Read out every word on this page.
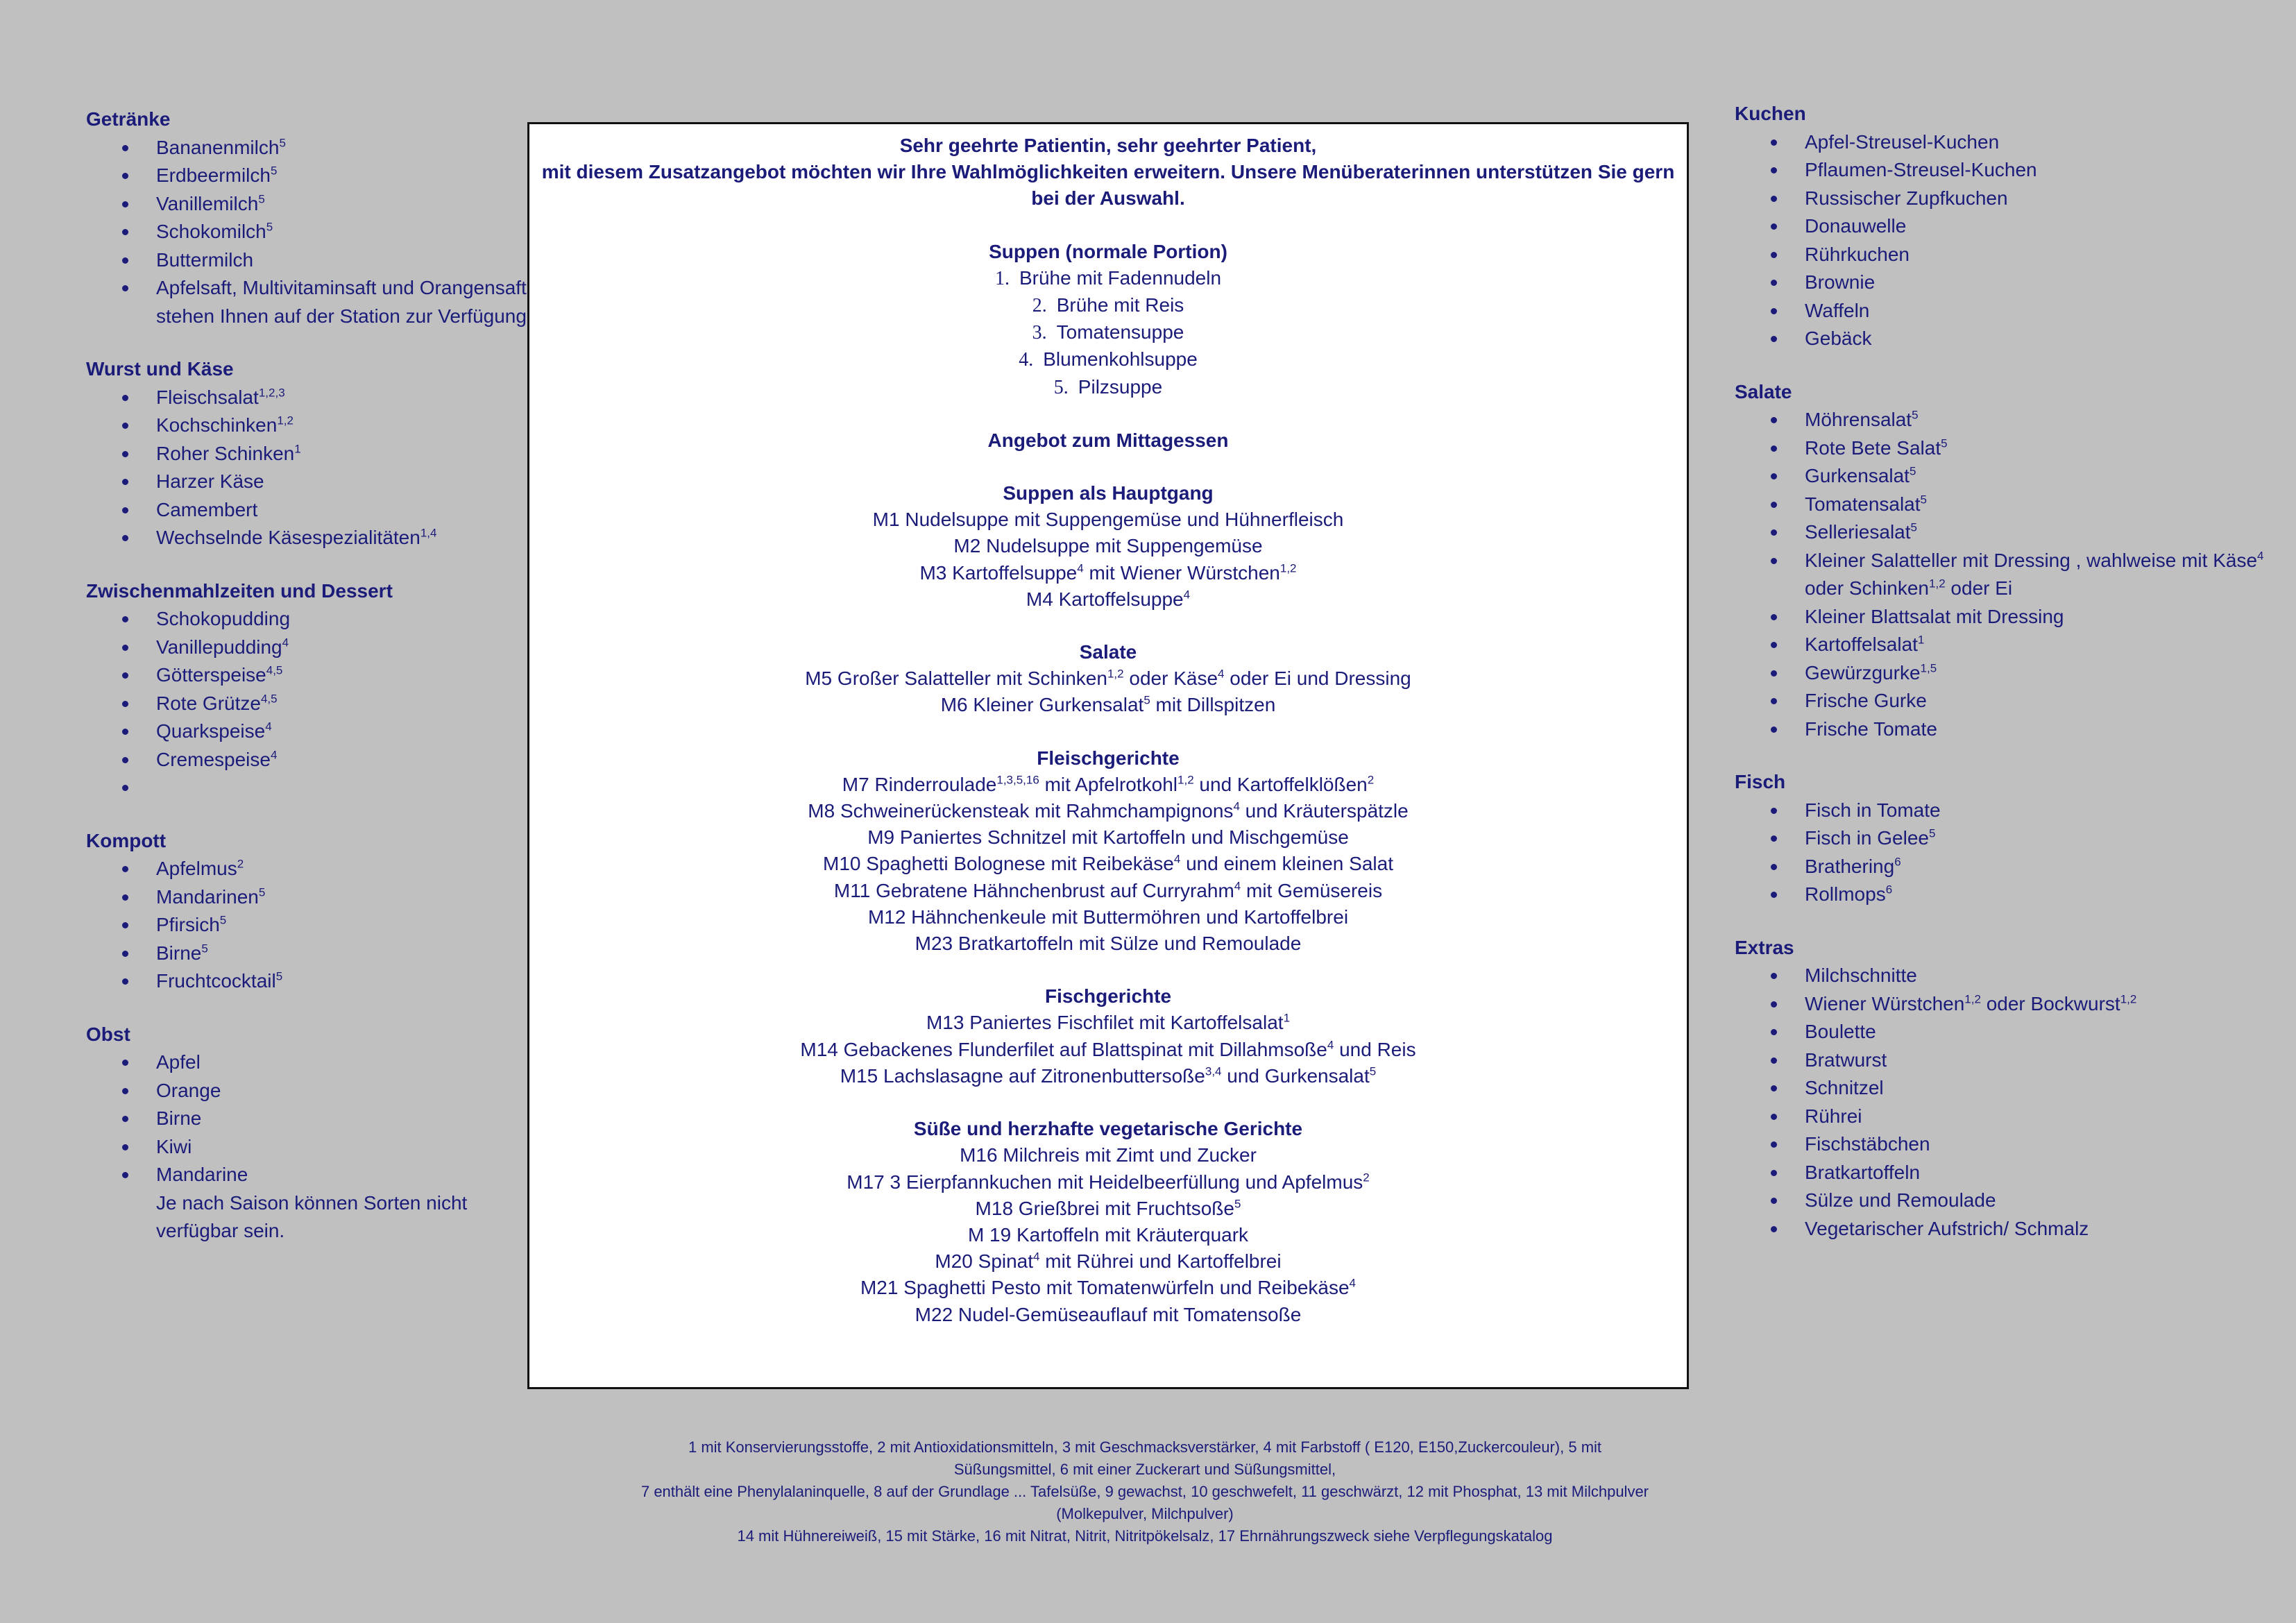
Getränke
Bananenmilch$^5$
Erdbeermilch$^5$
Vanillemilch$^5$
Schokomilch$^5$
Buttermilch
Apfelsaft, Multivitaminsaft und Orangensaft stehen Ihnen auf der Station zur Verfügung
Wurst und Käse
Fleischsalat$^{1,2,3}$
Kochschinken$^{1,2}$
Roher Schinken$^1$
Harzer Käse
Camembert
Wechselnde Käsespezialitäten$^{1,4}$
Zwischenmahlzeiten und Dessert
Schokopudding
Vanillepudding$^4$
Götterspeise$^{4,5}$
Rote Grütze$^{4,5}$
Quarkspeise$^4$
Cremespeise$^4$

Kompott
Apfelmus$^2$
Mandarinen$^5$
Pfirsich$^5$
Birne$^5$
Fruchtcocktail$^5$
Obst
Apfel
Orange
Birne
Kiwi
Mandarine
Je nach Saison können Sorten nicht verfügbar sein.
Kuchen
Apfel-Streusel-Kuchen
Pflaumen-Streusel-Kuchen
Russischer Zupfkuchen
Donauwelle
Rührkuchen
Brownie
Waffeln
Gebäck
Salate
Möhrensalat$^5$
Rote Bete Salat$^5$
Gurkensalat$^5$
Tomatensalat$^5$
Selleriesalat$^5$
Kleiner Salatteller mit Dressing , wahlweise mit Käse$^4$ oder Schinken$^{1,2}$ oder Ei
Kleiner Blattsalat mit Dressing
Kartoffelsalat$^1$
Gewürzgurke$^{1,5}$
Frische Gurke
Frische Tomate
Fisch
Fisch in Tomate
Fisch in Gelee$^5$
Brathering$^6$
Rollmops$^6$
Extras
Milchschnitte
Wiener Würstchen$^{1,2}$ oder Bockwurst$^{1,2}$
Boulette
Bratwurst
Schnitzel
Rührei
Fischstäbchen
Bratkartoffeln
Sülze und Remoulade
Vegetarischer Aufstrich/ Schmalz
Sehr geehrte Patientin, sehr geehrter Patient,
mit diesem Zusatzangebot möchten wir Ihre Wahlmöglichkeiten erweitern. Unsere Menüberaterinnen unterstützen Sie gern
bei der Auswahl.
Suppen (normale Portion)
1. Brühe mit Fadennudeln
2. Brühe mit Reis
3. Tomatensuppe
4. Blumenkohlsuppe
5. Pilzsuppe
Angebot zum Mittagessen
Suppen als Hauptgang
M1 Nudelsuppe mit Suppengemüse und Hühnerfleisch
M2 Nudelsuppe mit Suppengemüse
M3 Kartoffelsuppe$^4$ mit Wiener Würstchen$^{1,2}$
M4 Kartoffelsuppe$^4$
Salate
M5 Großer Salatteller mit Schinken$^{1,2}$ oder Käse$^4$ oder Ei und Dressing
M6 Kleiner Gurkensalat$^5$ mit Dillspitzen
Fleischgerichte
M7 Rinderroulade$^{1,3,5,16}$ mit Apfelrotkohl$^{1,2}$ und Kartoffelklößen$^2$
M8 Schweinerückensteak mit Rahmchampignons$^4$ und Kräuterspätzle
M9 Paniertes Schnitzel mit Kartoffeln und Mischgemüse
M10 Spaghetti Bolognese mit Reibekäse$^4$ und einem kleinen Salat
M11 Gebratene Hähnchenbrust auf Curryrahm$^4$ mit Gemüsereis
M12 Hähnchenkeule mit Buttermöhren und Kartoffelbrei
M23 Bratkartoffeln mit Sülze und Remoulade
Fischgerichte
M13 Paniertes Fischfilet mit Kartoffelsalat$^1$
M14 Gebackenes Flunderfilet auf Blattspinat mit Dillahmsoße$^4$ und Reis
M15 Lachslasagne auf Zitronenbuttersoße$^{3,4}$ und Gurkensalat$^5$
Süße und herzhafte vegetarische Gerichte
M16 Milchreis mit Zimt und Zucker
M17 3 Eierpfannkuchen mit Heidelbeerfüllung und Apfelmus$^2$
M18 Grießbrei mit Fruchtsoße$^5$
M 19 Kartoffeln mit Kräuterquark
M20 Spinat$^4$ mit Rührei und Kartoffelbrei
M21 Spaghetti Pesto mit Tomatenwürfeln und Reibekäse$^4$
M22 Nudel-Gemüseauflauf mit Tomatensoße
1 mit Konservierungsstoffe, 2 mit Antioxidationsmitteln, 3 mit Geschmacksverstärker, 4 mit Farbstoff ( E120, E150,Zuckercouleur), 5 mit
Süßungsmittel, 6 mit einer Zuckerart und Süßungsmittel,
7 enthält eine Phenylalaninquelle, 8 auf der Grundlage ... Tafelsüße, 9 gewachst, 10 geschwefelt, 11 geschwärzt, 12 mit Phosphat, 13 mit Milchpulver
(Molkepulver, Milchpulver)
14 mit Hühnereiweiß, 15 mit Stärke, 16 mit Nitrat, Nitrit, Nitritpökelsalz, 17 Ehrnährungszweck siehe Verpflegungskatalog
